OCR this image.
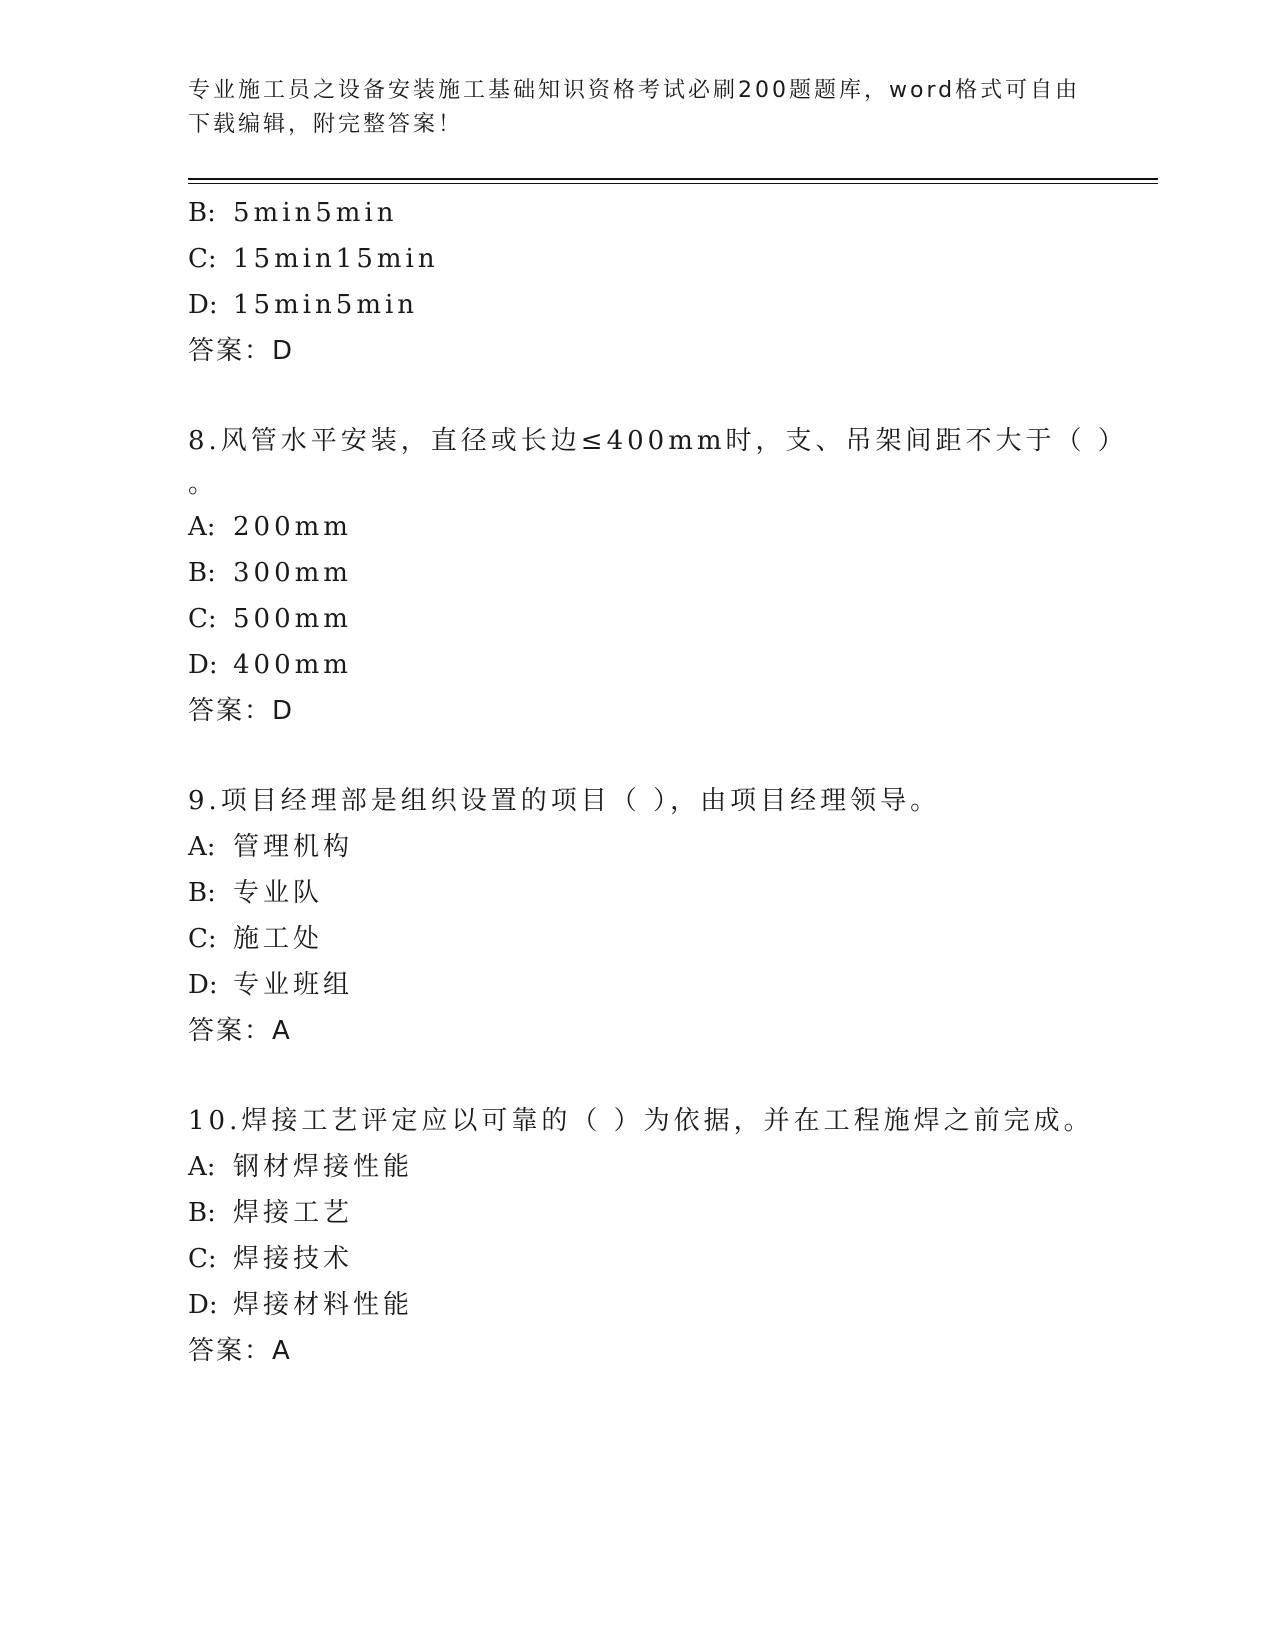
专业施工员之设备安装施工基础知识资格考试必刷200题题库，word格式可自由
下载编辑，附完整答案！
B: 5min5min
C: 15min15min
D: 15min5min
答案：D
8.风管水平安装，直径或长边≤400mm时，支、吊架间距不大于（ ）
。
A: 200mm
B: 300mm
C: 500mm
D: 400mm
答案：D
9.项目经理部是组织设置的项目（ ），由项目经理领导。
A: 管理机构
B: 专业队
C: 施工处
D: 专业班组
答案：A
10.焊接工艺评定应以可靠的（ ）为依据，并在工程施焊之前完成。
A: 钢材焊接性能
B: 焊接工艺
C: 焊接技术
D: 焊接材料性能
答案：A
